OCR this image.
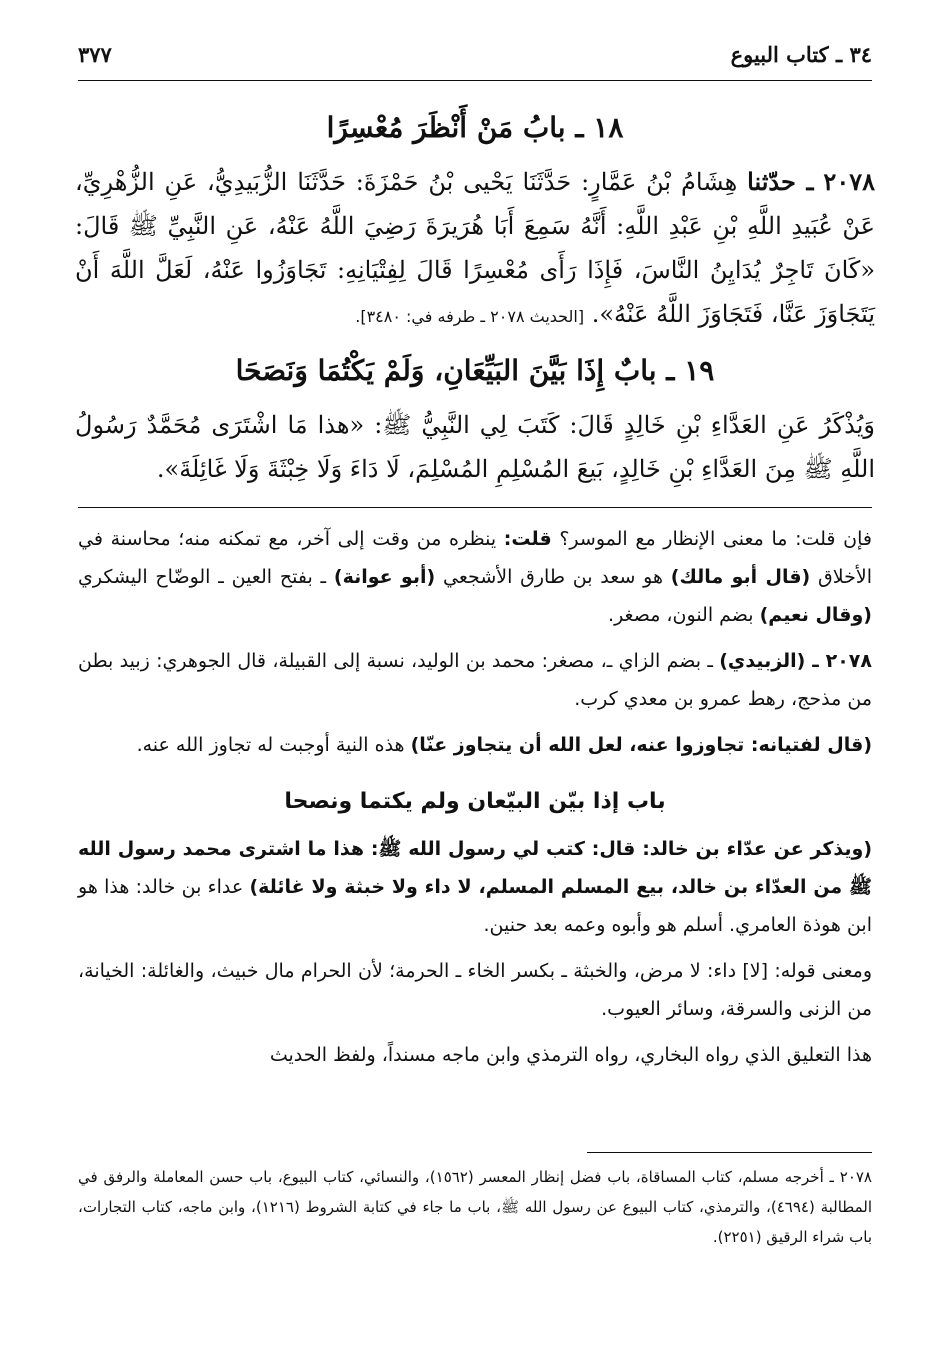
٣٤ ـ كتاب البيوع
٣٧٧
١٨ ـ بابُ مَنْ أَنْظَرَ مُعْسِرًا

٢٠٧٨ ـ حدّثنا هِشَامُ بْنُ عَمَّارٍ: حَدَّثَنَا يَحْيى بْنُ حَمْزَةَ: حَدَّثَنَا الزُّبَيدِيُّ، عَنِ الزُّهْرِيِّ، عَنْ عُبَيدِ اللَّهِ بْنِ عَبْدِ اللَّهِ: أَنَّهُ سَمِعَ أَبَا هُرَيرَةَ رَضِيَ اللَّهُ عَنْهُ، عَنِ النَّبِيِّ ﷺ قَالَ: «كَانَ تَاجِرٌ يُدَايِنُ النَّاسَ، فَإِذَا رَأَى مُعْسِرًا قَالَ لِفِتْيَانِهِ: تَجَاوَزُوا عَنْهُ، لَعَلَّ اللَّهَ أَنْ يَتَجَاوَزَ عَنَّا، فَتَجَاوَزَ اللَّهُ عَنْهُ». [الحديث ٢٠٧٨ ـ طرفه في: ٣٤٨٠].

١٩ ـ بابٌ إِذَا بَيَّنَ البَيِّعَانِ، وَلَمْ يَكْتُمَا وَنَصَحَا

وَيُذْكَرُ عَنِ العَدَّاءِ بْنِ خَالِدٍ قَالَ: كَتَبَ لِي النَّبِيُّ ﷺ: «هذا مَا اشْتَرَى مُحَمَّدٌ رَسُولُ اللَّهِ ﷺ مِنَ العَدَّاءِ بْنِ خَالِدٍ، بَيعَ المُسْلِمِ المُسْلِمَ، لَا دَاءَ وَلَا خِبْثَةَ وَلَا غَائِلَةَ».

فإن قلت: ما معنى الإنظار مع الموسر؟ قلت: ينظره من وقت إلى آخر، مع تمكنه منه؛ محاسنة في الأخلاق (قال أبو مالك) هو سعد بن طارق الأشجعي (أبو عوانة) ـ بفتح العين ـ الوضّاح اليشكري (وقال نعيم) بضم النون، مصغر.

٢٠٧٨ ـ (الزبيدي) ـ بضم الزاي ـ، مصغر: محمد بن الوليد، نسبة إلى القبيلة، قال الجوهري: زبيد بطن من مذحج، رهط عمرو بن معدي كرب.

(قال لفتيانه: تجاوزوا عنه، لعل الله أن يتجاوز عنّا) هذه النية أوجبت له تجاوز الله عنه.

باب إذا بيّن البيّعان ولم يكتما ونصحا

(ويذكر عن عدّاء بن خالد: قال: كتب لي رسول الله ﷺ: هذا ما اشترى محمد رسول الله ﷺ من العدّاء بن خالد، بيع المسلم المسلم، لا داء ولا خبثة ولا غائلة) عداء بن خالد: هذا هو ابن هوذة العامري. أسلم هو وأبوه وعمه بعد حنين.

ومعنى قوله: [لا] داء: لا مرض، والخبثة ـ بكسر الخاء ـ الحرمة؛ لأن الحرام مال خبيث، والغائلة: الخيانة، من الزنى والسرقة، وسائر العيوب.

هذا التعليق الذي رواه البخاري، رواه الترمذي وابن ماجه مسنداً، ولفظ الحديث

٢٠٧٨ ـ أخرجه مسلم، كتاب المساقاة، باب فضل إنظار المعسر (١٥٦٢)، والنسائي، كتاب البيوع، باب حسن المعاملة والرفق في المطالبة (٤٦٩٤)، والترمذي، كتاب البيوع عن رسول الله ﷺ، باب ما جاء في كتابة الشروط (١٢١٦)، وابن ماجه، كتاب التجارات، باب شراء الرقيق (٢٢٥١).
